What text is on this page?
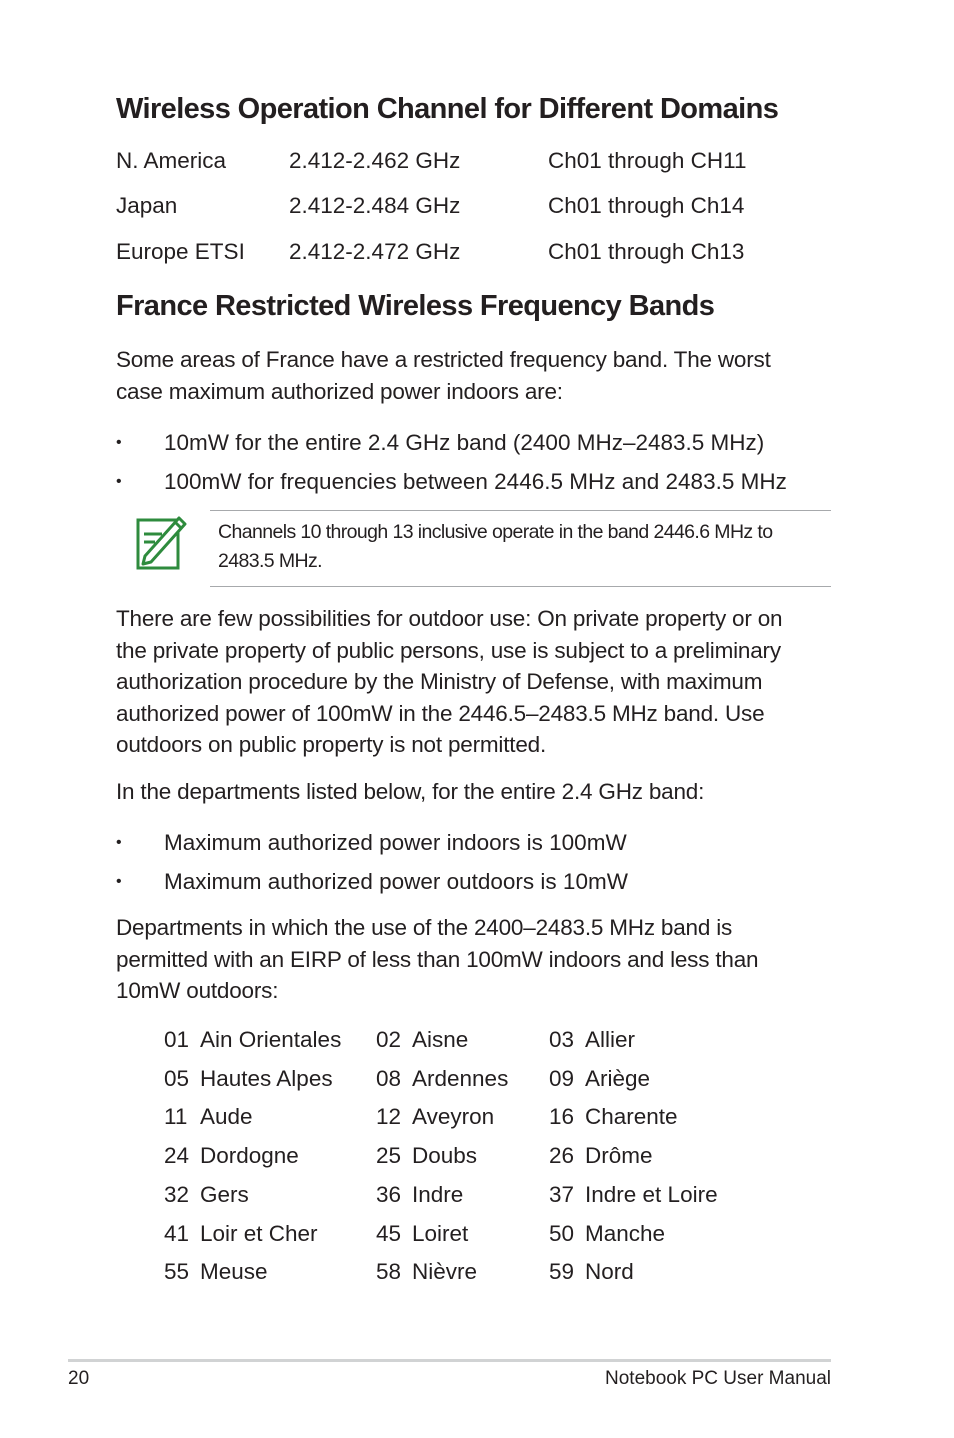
Wireless Operation Channel for Different Domains
N. America	2.412-2.462 GHz	Ch01 through CH11
Japan	2.412-2.484 GHz	Ch01 through Ch14
Europe ETSI 2.412-2.472 GHz	Ch01 through Ch13
France Restricted Wireless Frequency Bands
Some areas of France have a restricted frequency band. The worst
case maximum authorized power indoors are:
• 10mW for the entire 2.4 GHz band (2400 MHz–2483.5 MHz)
• 100mW for frequencies between 2446.5 MHz and 2483.5 MHz
Channels 10 through 13 inclusive operate in the band 2446.6 MHz to
2483.5 MHz.
There are few possibilities for outdoor use: On private property or on
the private property of public persons, use is subject to a preliminary
authorization procedure by the Ministry of Defense, with maximum
authorized power of 100mW in the 2446.5–2483.5 MHz band. Use
outdoors on public property is not permitted.
In the departments listed below, for the entire 2.4 GHz band:
• Maximum authorized power indoors is 100mW
• Maximum authorized power outdoors is 10mW
Departments in which the use of the 2400–2483.5 MHz band is
permitted with an EIRP of less than 100mW indoors and less than
10mW outdoors:
01 Ain Orientales 02 Aisne	03 Allier
05 Hautes Alpes 08 Ardennes 09 Ariège
11 Aude	12 Aveyron 16 Charente
24 Dordogne	25 Doubs	26 Drôme
32 Gers	36 Indre	37 Indre et Loire
41 Loir et Cher	45 Loiret	50 Manche
55 Meuse	58 Nièvre	59 Nord
20	Notebook PC User Manual
